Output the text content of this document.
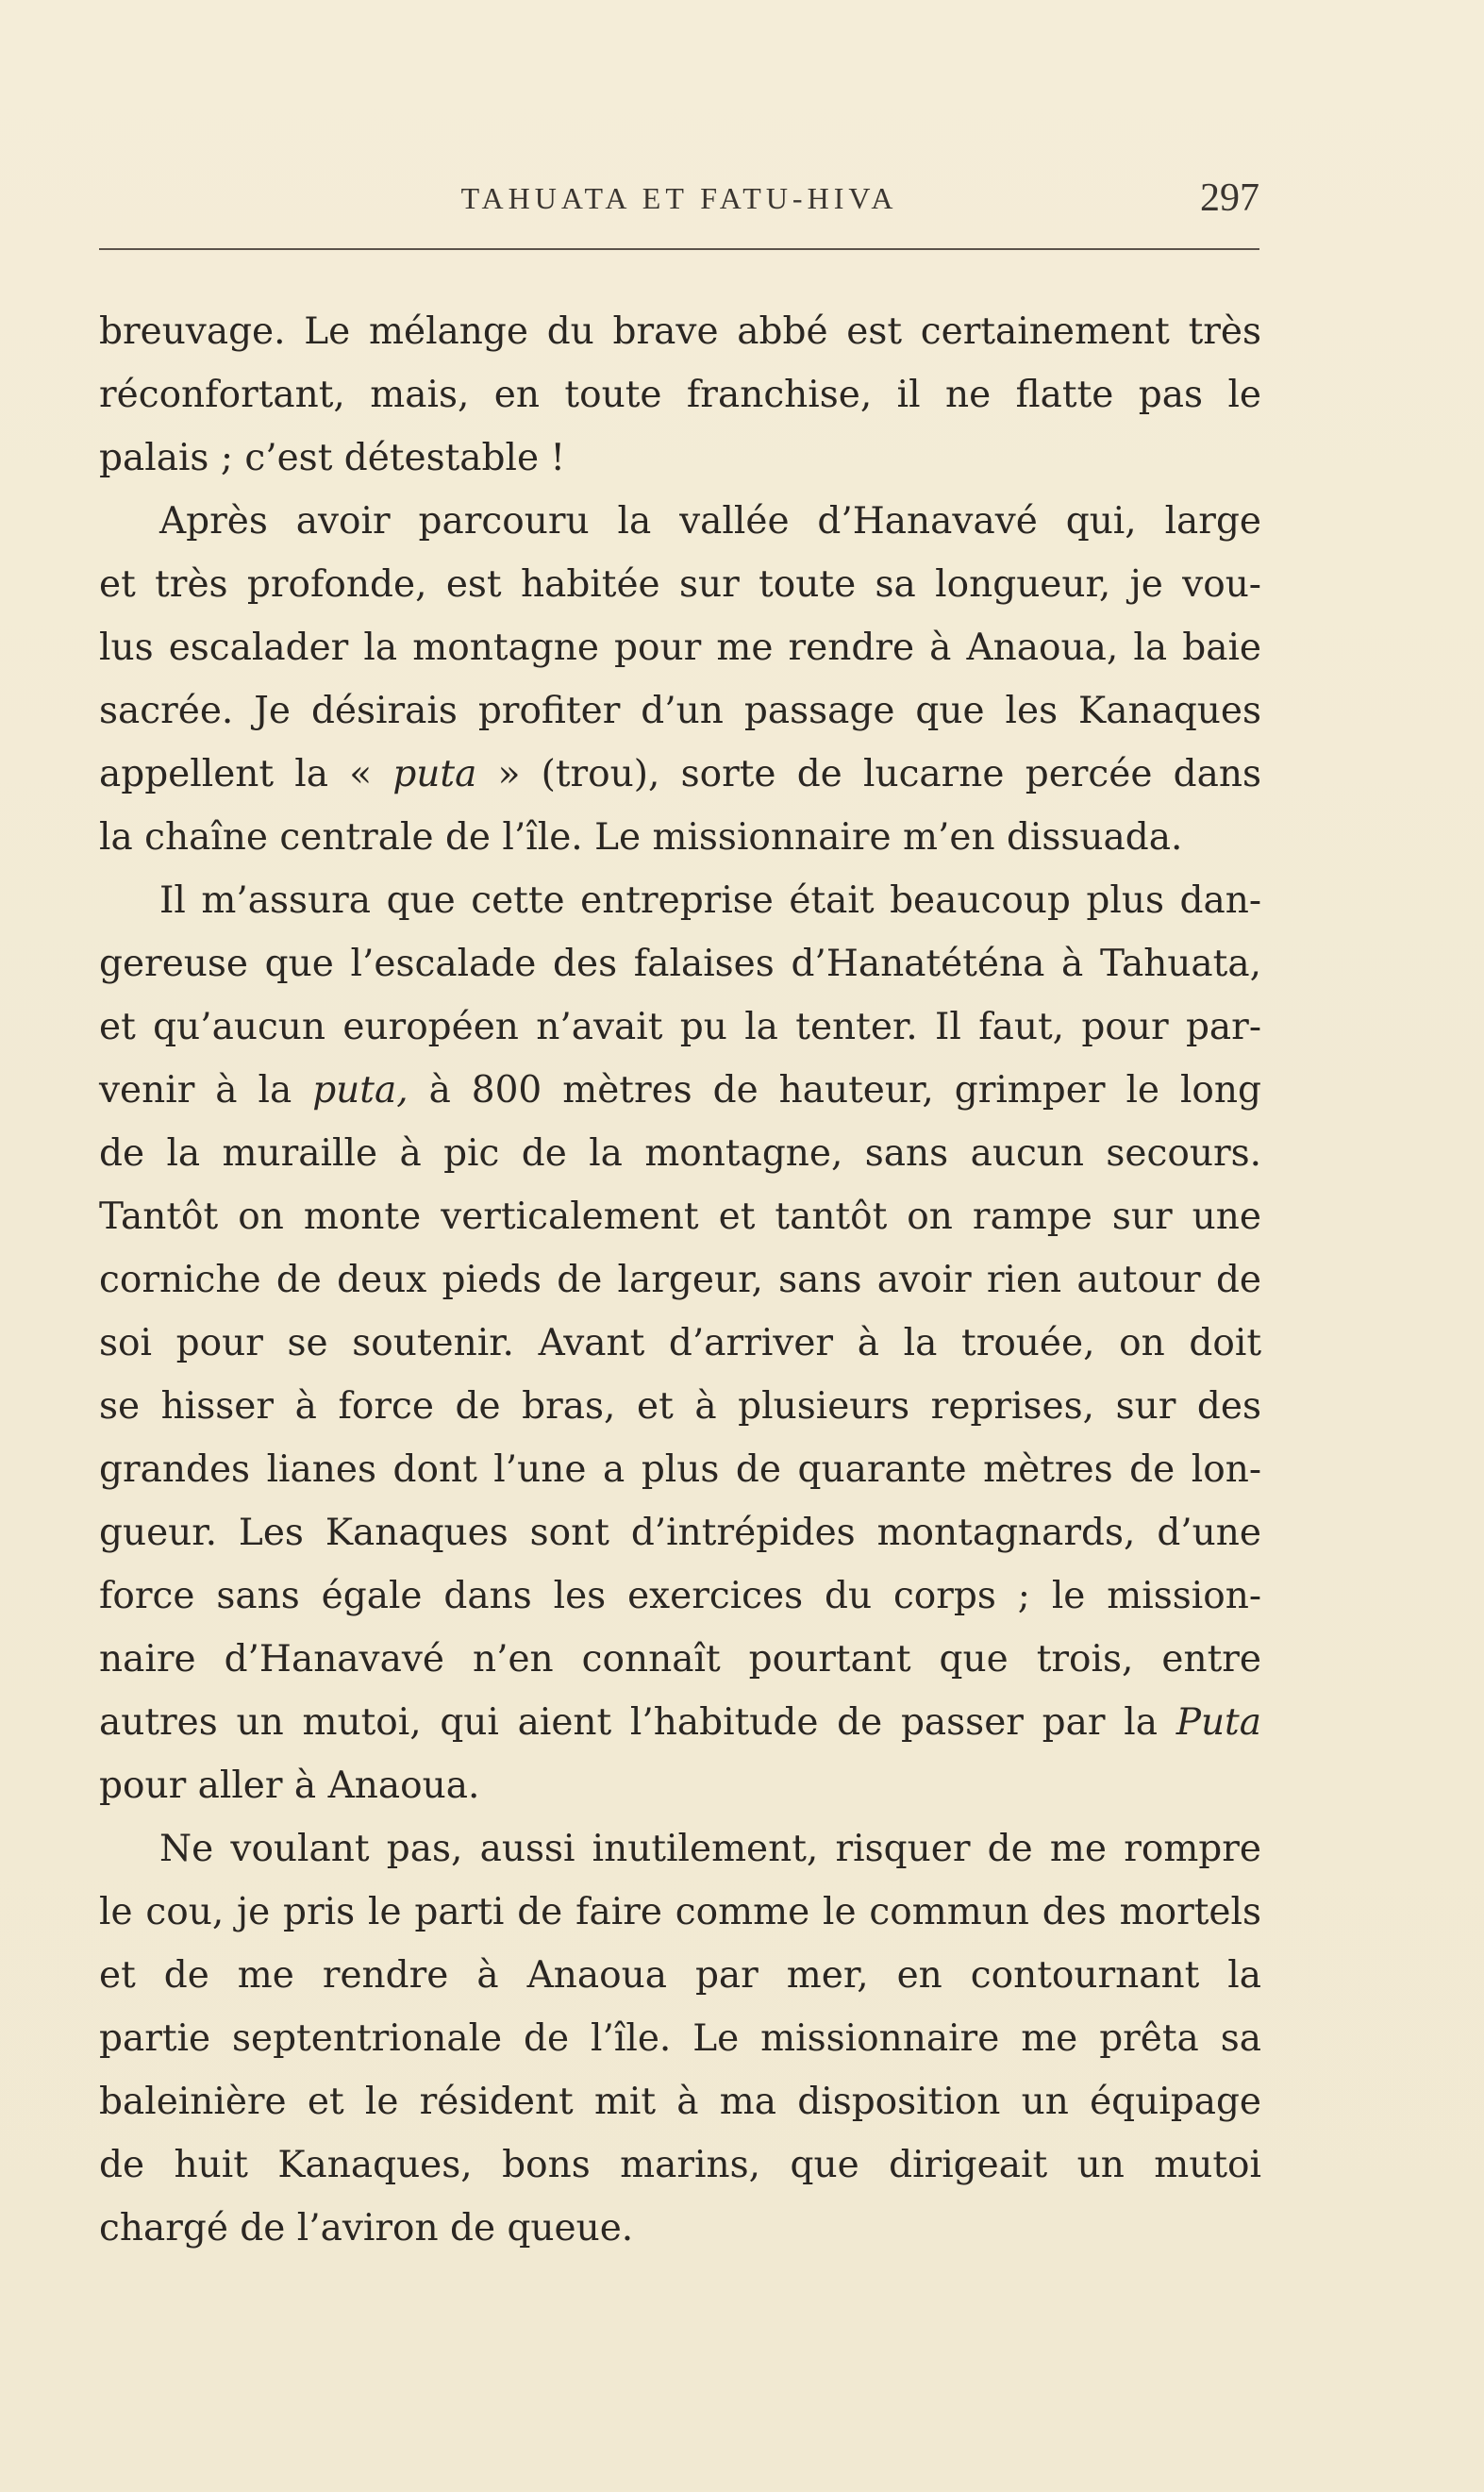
TAHUATA ET FATU-HIVA	297
breuvage. Le mélange du brave abbé est certainement très
réconfortant, mais, en toute franchise, il ne flatte pas le
palais ; c’est détestable !
Après avoir parcouru la vallée d’Hanavavé qui, large
et très profonde, est habitée sur toute sa longueur, je vou-
lus escalader la montagne pour me rendre à Anaoua, la baie
sacrée. Je désirais profiter d’un passage que les Kanaques
appellent la « puta » (trou), sorte de lucarne percée dans
la chaîne centrale de l’île. Le missionnaire m’en dissuada.
Il m’assura que cette entreprise était beaucoup plus dan-
gereuse que l’escalade des falaises d’Hanatéténa à Tahuata,
et qu’aucun européen n’avait pu la tenter. Il faut, pour par-
venir à la puta, à 800 mètres de hauteur, grimper le long
de la muraille à pic de la montagne, sans aucun secours.
Tantôt on monte verticalement et tantôt on rampe sur une
corniche de deux pieds de largeur, sans avoir rien autour de
soi pour se soutenir. Avant d’arriver à la trouée, on doit
se hisser à force de bras, et à plusieurs reprises, sur des
grandes lianes dont l’une a plus de quarante mètres de lon-
gueur. Les Kanaques sont d’intrépides montagnards, d’une
force sans égale dans les exercices du corps ; le mission-
naire d’Hanavavé n’en connaît pourtant que trois, entre
autres un mutoi, qui aient l’habitude de passer par la Puta
pour aller à Anaoua.
Ne voulant pas, aussi inutilement, risquer de me rompre
le cou, je pris le parti de faire comme le commun des mortels
et de me rendre à Anaoua par mer, en contournant la
partie septentrionale de l’île. Le missionnaire me prêta sa
baleinière et le résident mit à ma disposition un équipage
de huit Kanaques, bons marins, que dirigeait un mutoi
chargé de l’aviron de queue.
